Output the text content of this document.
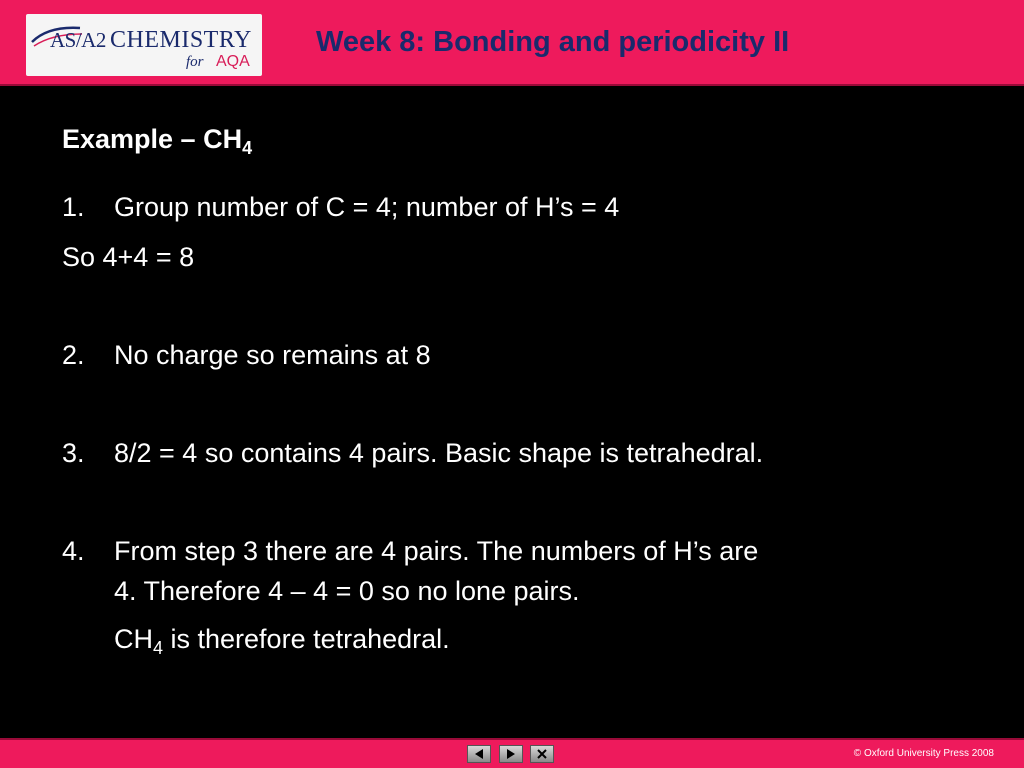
AS/A2 CHEMISTRY
for AQA
Week 8: Bonding and periodicity II
Example – $CH_4$
1. Group number of C = 4; number of H’s = 4
So 4+4 = 8
2. No charge so remains at 8
3. 8/2 = 4 so contains 4 pairs. Basic shape is tetrahedral.
4. From step 3 there are 4 pairs. The numbers of H’s are
4. Therefore 4 – 4 = 0 so no lone pairs.
$CH_4$ is therefore tetrahedral.
© Oxford University Press 2008
